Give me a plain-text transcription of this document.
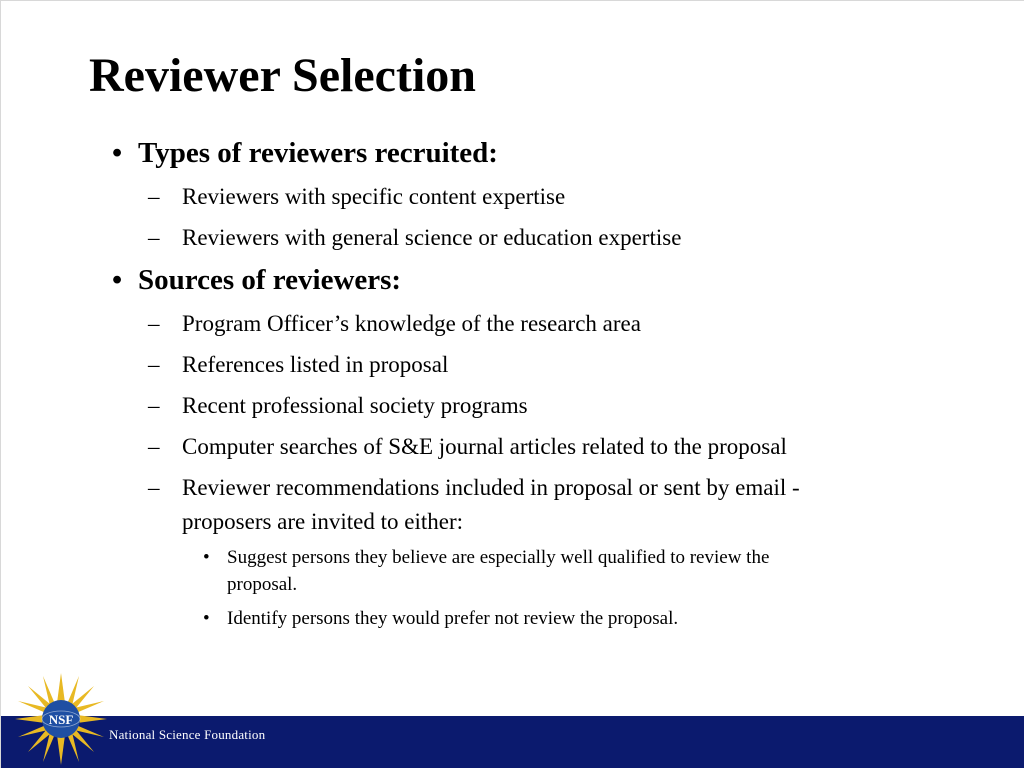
Reviewer Selection
• Types of reviewers recruited:
– Reviewers with specific content expertise
– Reviewers with general science or education expertise
• Sources of reviewers:
– Program Officer’s knowledge of the research area
– References listed in proposal
– Recent professional society programs
– Computer searches of S&E journal articles related to the proposal
– Reviewer recommendations included in proposal or sent by email -
proposers are invited to either:
• Suggest persons they believe are especially well qualified to review the
proposal.
• Identify persons they would prefer not review the proposal.
NSF
National Science Foundation
